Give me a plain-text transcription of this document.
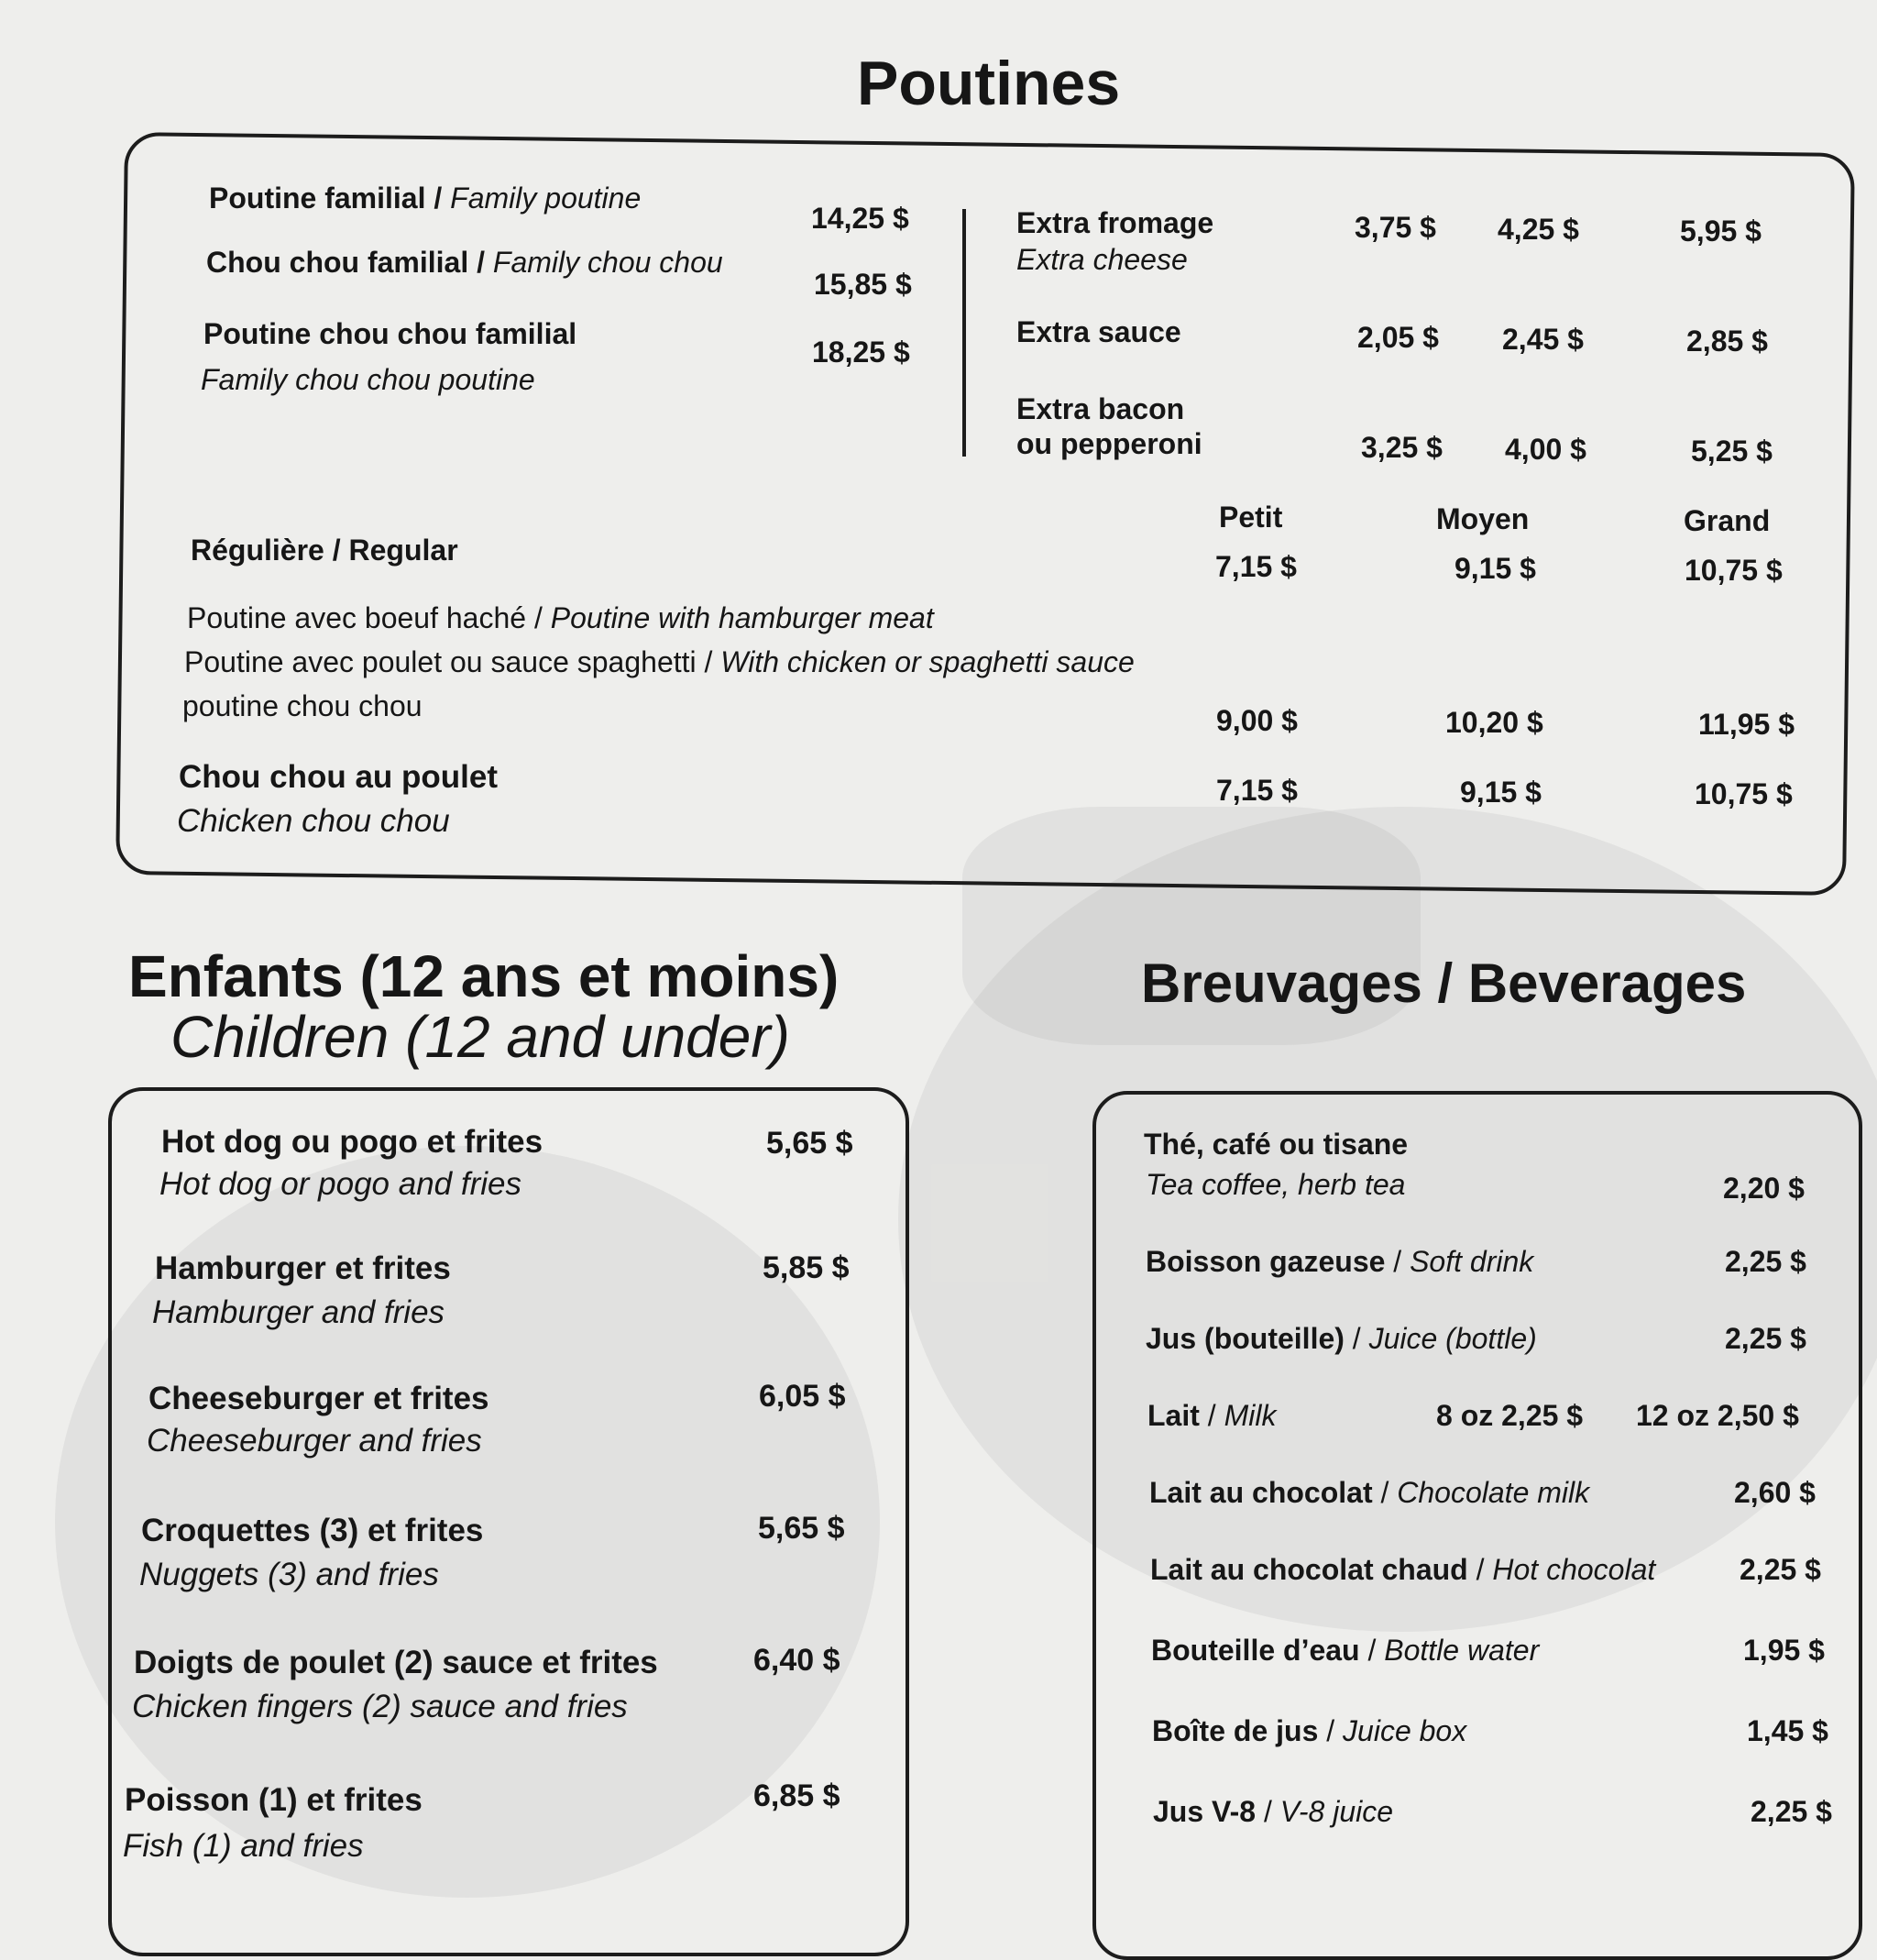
Poutines
Poutine familial / Family poutine
14,25 $
Chou chou familial / Family chou chou
15,85 $
Poutine chou chou familial
Family chou chou poutine
18,25 $
Extra fromage
Extra cheese
3,75 $ 4,25 $	5,95 $
Extra sauce	2,05 $ 2,45 $	2,85 $
Extra bacon
ou pepperoni	3,25 $ 4,00 $	5,25 $
Petit	Moyen	Grand
Régulière / Regular	7,15 $	9,15 $	10,75 $
Poutine avec boeuf haché / Poutine with hamburger meat
Poutine avec poulet ou sauce spaghetti / With chicken or spaghetti sauce
poutine chou chou	9,00 $	10,20 $	11,95 $
Chou chou au poulet
Chicken chou chou
7,15 $	9,15 $	10,75 $
Enfants (12 ans et moins)
Children (12 and under)
Hot dog ou pogo et frites
Hot dog or pogo and fries
5,65 $
Hamburger et frites
Hamburger and fries
5,85 $
Cheeseburger et frites
Cheeseburger and fries
6,05 $
Croquettes (3) et frites
Nuggets (3) and fries
5,65 $
Doigts de poulet (2) sauce et frites
Chicken fingers (2) sauce and fries
6,40 $
Poisson (1) et frites
Fish (1) and fries
6,85 $
Breuvages / Beverages
Thé, café ou tisane
Tea coffee, herb tea	2,20 $
Boisson gazeuse / Soft drink	2,25 $
Jus (bouteille) / Juice (bottle)	2,25 $
Lait / Milk	8 oz 2,25 $ 12 oz 2,50 $
Lait au chocolat / Chocolate milk	2,60 $
Lait au chocolat chaud / Hot chocolat	2,25 $
Bouteille d’eau / Bottle water	1,95 $
Boîte de jus / Juice box	1,45 $
Jus V-8 / V-8 juice	2,25 $
